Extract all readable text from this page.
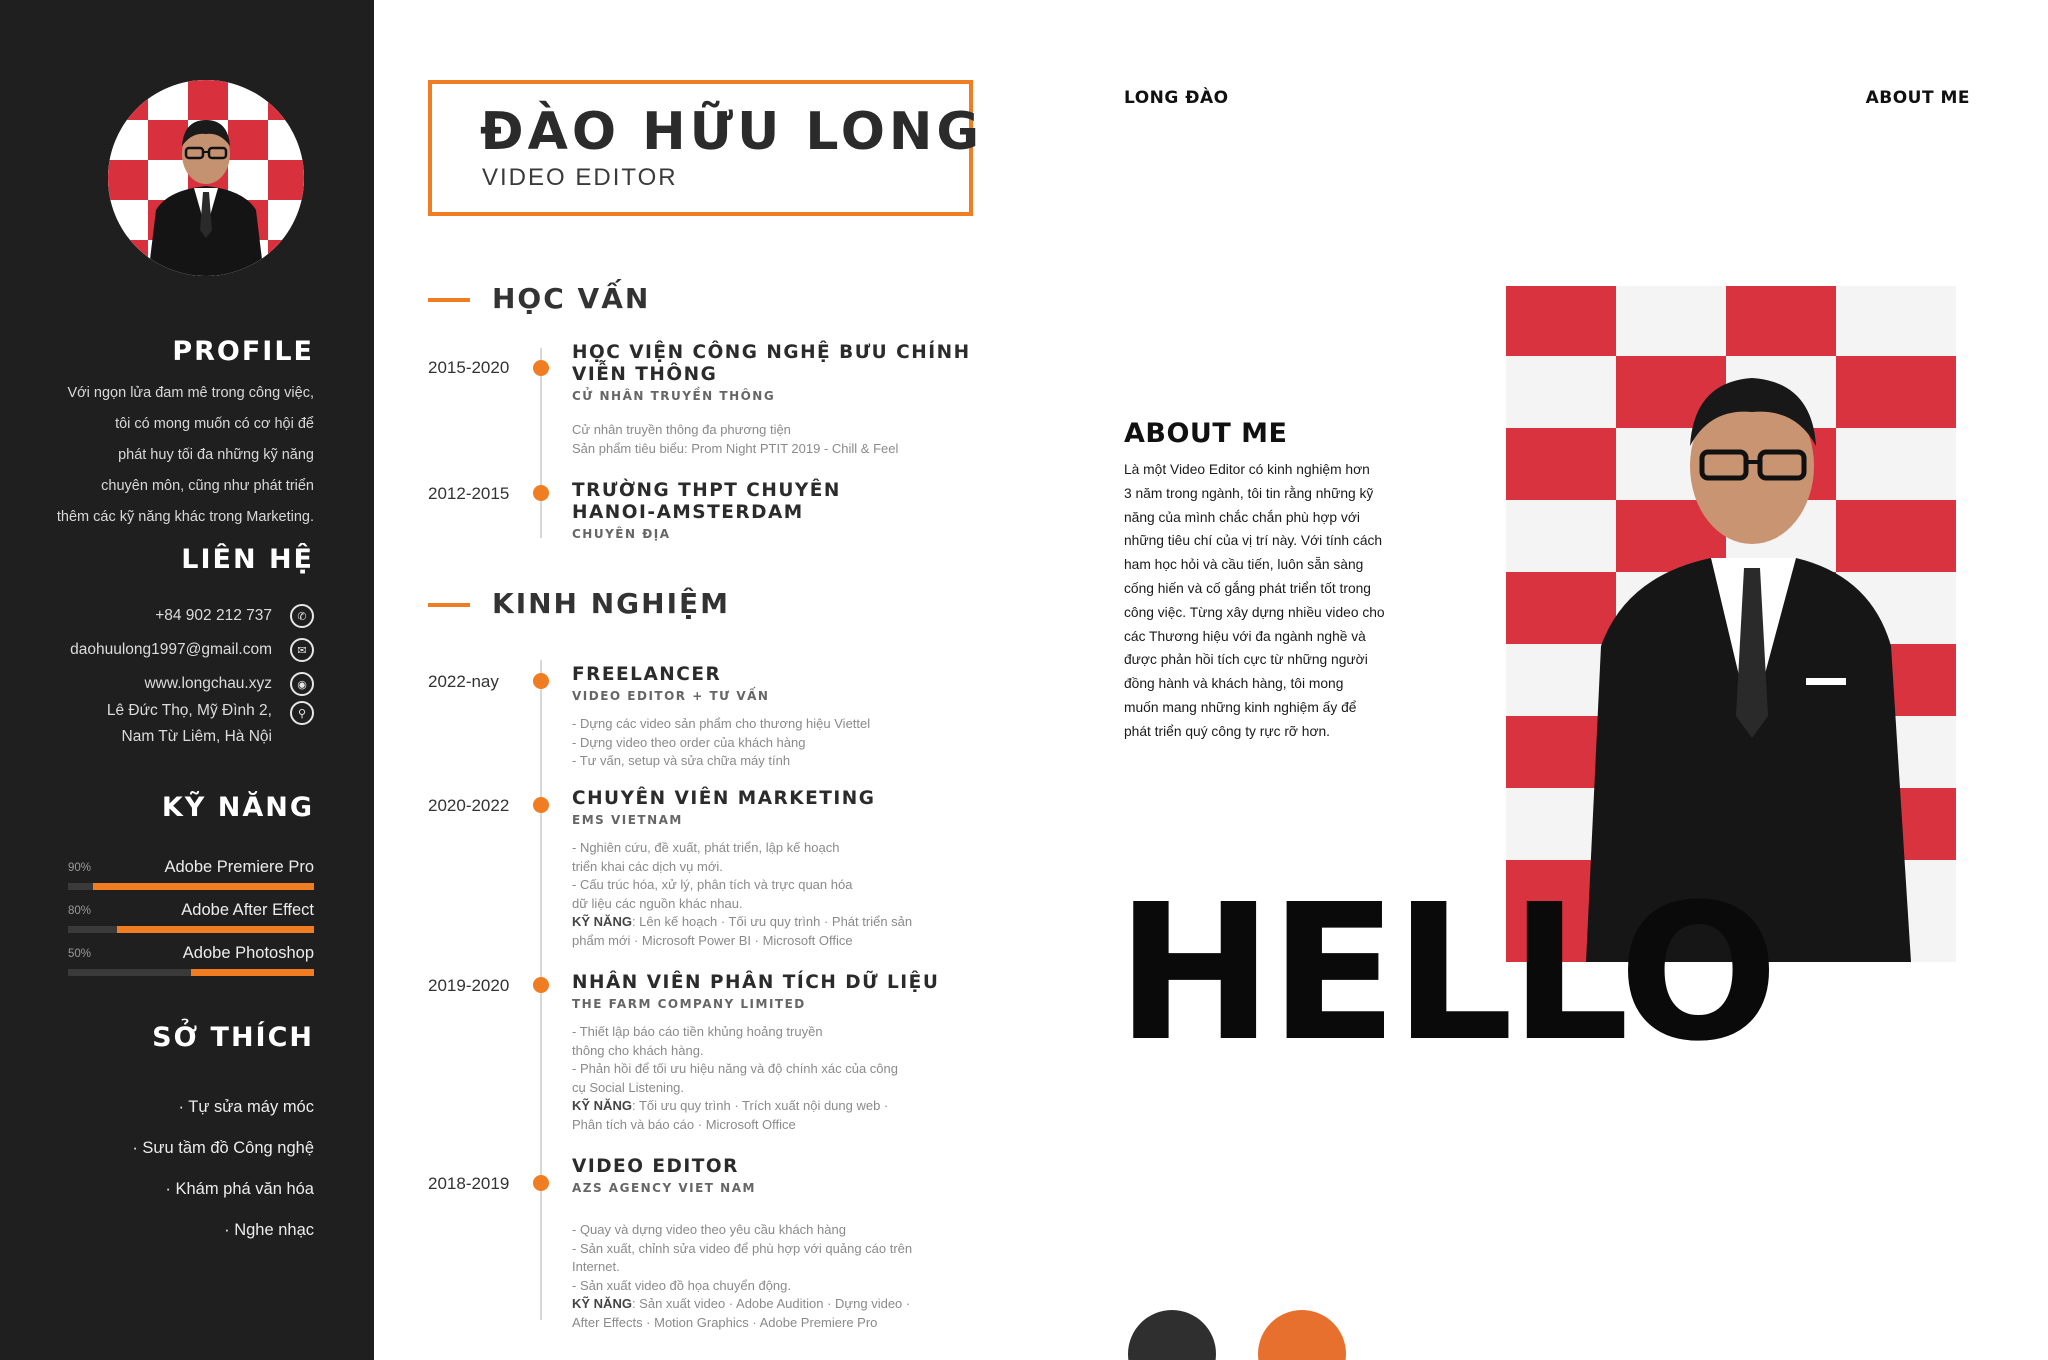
PROFILE
Với ngọn lửa đam mê trong công việc,
tôi có mong muốn có cơ hội để
phát huy tối đa những kỹ năng
chuyên môn, cũng như phát triển
thêm các kỹ năng khác trong Marketing.
LIÊN HỆ
+84 902 212 737	✆
daohuulong1997@gmail.com	✉
www.longchau.xyz	◉
Lê Đức Thọ, Mỹ Đình 2,
Nam Từ Liêm, Hà Nội
⚲
KỸ NĂNG
90%	Adobe Premiere Pro
80%	Adobe After Effect
50%	Adobe Photoshop
SỞ THÍCH
· Tự sửa máy móc
· Sưu tầm đồ Công nghệ
· Khám phá văn hóa
· Nghe nhạc
ĐÀO HỮU LONG
VIDEO EDITOR
HỌC VẤN
2015-2020
HỌC VIỆN CÔNG NGHỆ BƯU CHÍNH
VIỄN THÔNG
CỬ NHÂN TRUYỀN THÔNG
Cử nhân truyền thông đa phương tiện
Sản phẩm tiêu biểu: Prom Night PTIT 2019 - Chill & Feel
2012-2015	TRƯỜNG THPT CHUYÊN
HANOI-AMSTERDAM
CHUYÊN ĐỊA
KINH NGHIỆM
2022-nay	FREELANCER
VIDEO EDITOR + TƯ VẤN
- Dựng các video sản phẩm cho thương hiệu Viettel
- Dựng video theo order của khách hàng
- Tư vấn, setup và sửa chữa máy tính
2020-2022	CHUYÊN VIÊN MARKETING
EMS VIETNAM
- Nghiên cứu, đề xuất, phát triển, lập kế hoạch
triển khai các dịch vụ mới.
- Cấu trúc hóa, xử lý, phân tích và trực quan hóa
dữ liệu các nguồn khác nhau.
KỸ NĂNG: Lên kế hoạch · Tối ưu quy trình · Phát triển sản
phẩm mới · Microsoft Power BI · Microsoft Office
2019-2020	NHÂN VIÊN PHÂN TÍCH DỮ LIỆU
THE FARM COMPANY LIMITED
- Thiết lập báo cáo tiền khủng hoảng truyền
thông cho khách hàng.
- Phản hồi để tối ưu hiệu năng và độ chính xác của công
cụ Social Listening.
KỸ NĂNG: Tối ưu quy trình · Trích xuất nội dung web ·
Phân tích và báo cáo · Microsoft Office
2018-2019
VIDEO EDITOR
AZS AGENCY VIET NAM
- Quay và dựng video theo yêu cầu khách hàng
- Sản xuất, chỉnh sửa video để phù hợp với quảng cáo trên
Internet.
- Sản xuất video đồ họa chuyển động.
KỸ NĂNG: Sản xuất video · Adobe Audition · Dựng video ·
After Effects · Motion Graphics · Adobe Premiere Pro
LONG ĐÀO	ABOUT ME
ABOUT ME
Là một Video Editor có kinh nghiệm hơn
3 năm trong ngành, tôi tin rằng những kỹ
năng của mình chắc chắn phù hợp với
những tiêu chí của vị trí này. Với tính cách
ham học hỏi và cầu tiến, luôn sẵn sàng
cống hiến và cố gắng phát triển tốt trong
công việc. Từng xây dựng nhiều video cho
các Thương hiệu với đa ngành nghề và
được phản hồi tích cực từ những người
đồng hành và khách hàng, tôi mong
muốn mang những kinh nghiệm ấy để
phát triển quý công ty rực rỡ hơn.
HELLO
